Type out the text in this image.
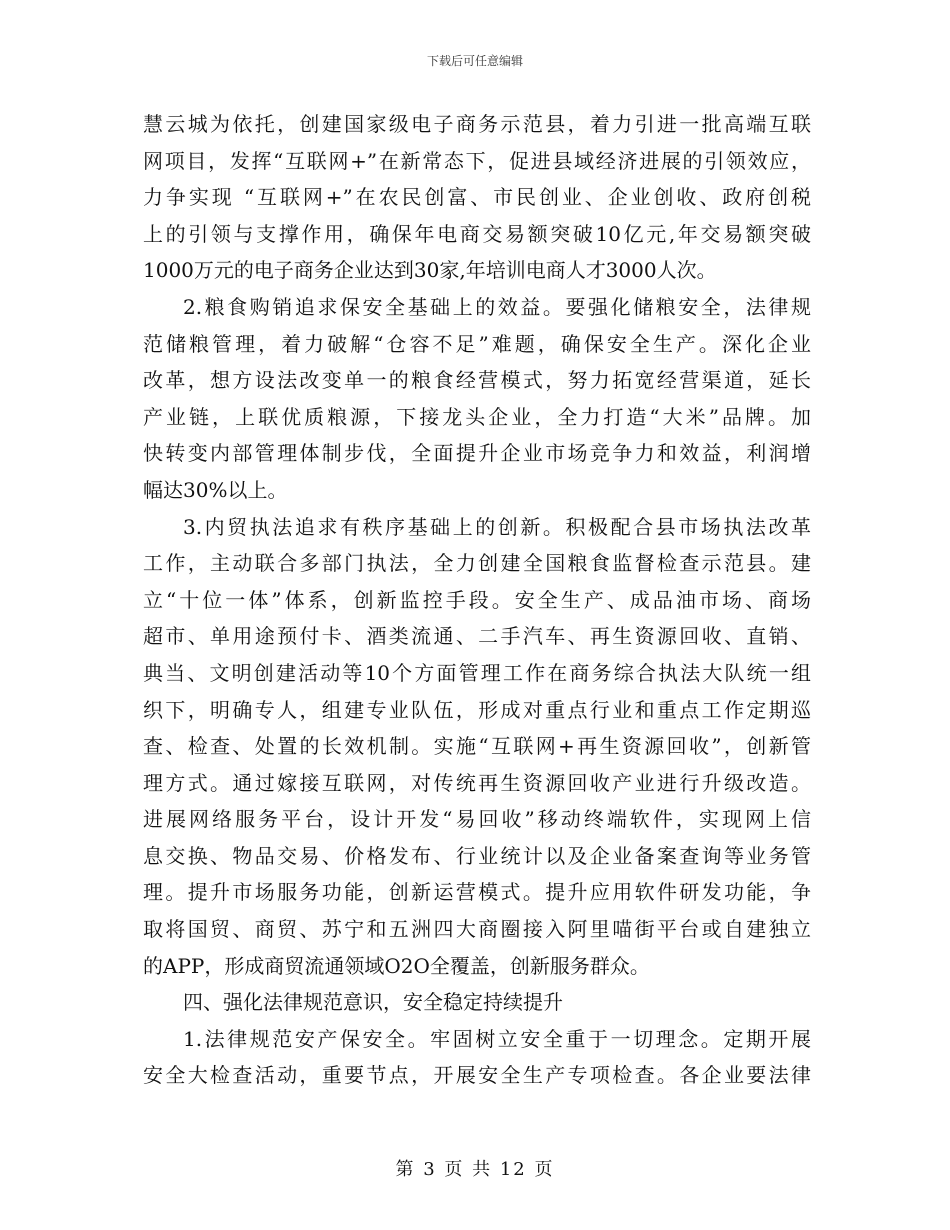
下载后可任意编辑
慧云城为依托，创建国家级电子商务示范县，着力引进一批高端互联
网项目，发挥“互联网+”在新常态下，促进县域经济进展的引领效应，
力争实现 “互联网+”在农民创富、市民创业、企业创收、政府创税
上的引领与支撑作用，确保年电商交易额突破10亿元,年交易额突破
1000万元的电子商务企业达到30家,年培训电商人才3000人次。
2.粮食购销追求保安全基础上的效益。要强化储粮安全，法律规
范储粮管理，着力破解“仓容不足”难题，确保安全生产。深化企业
改革，想方设法改变单一的粮食经营模式，努力拓宽经营渠道，延长
产业链，上联优质粮源，下接龙头企业，全力打造“大米”品牌。加
快转变内部管理体制步伐，全面提升企业市场竞争力和效益，利润增
幅达30%以上。
3.内贸执法追求有秩序基础上的创新。积极配合县市场执法改革
工作，主动联合多部门执法，全力创建全国粮食监督检查示范县。建
立“十位一体”体系，创新监控手段。安全生产、成品油市场、商场
超市、单用途预付卡、酒类流通、二手汽车、再生资源回收、直销、
典当、文明创建活动等10个方面管理工作在商务综合执法大队统一组
织下，明确专人，组建专业队伍，形成对重点行业和重点工作定期巡
查、检查、处置的长效机制。实施“互联网+再生资源回收”，创新管
理方式。通过嫁接互联网，对传统再生资源回收产业进行升级改造。
进展网络服务平台，设计开发“易回收”移动终端软件，实现网上信
息交换、物品交易、价格发布、行业统计以及企业备案查询等业务管
理。提升市场服务功能，创新运营模式。提升应用软件研发功能，争
取将国贸、商贸、苏宁和五洲四大商圈接入阿里喵街平台或自建独立
的APP，形成商贸流通领域O2O全覆盖，创新服务群众。
四、强化法律规范意识，安全稳定持续提升
1.法律规范安产保安全。牢固树立安全重于一切理念。定期开展
安全大检查活动，重要节点，开展安全生产专项检查。各企业要法律
第 3 页 共 12 页
